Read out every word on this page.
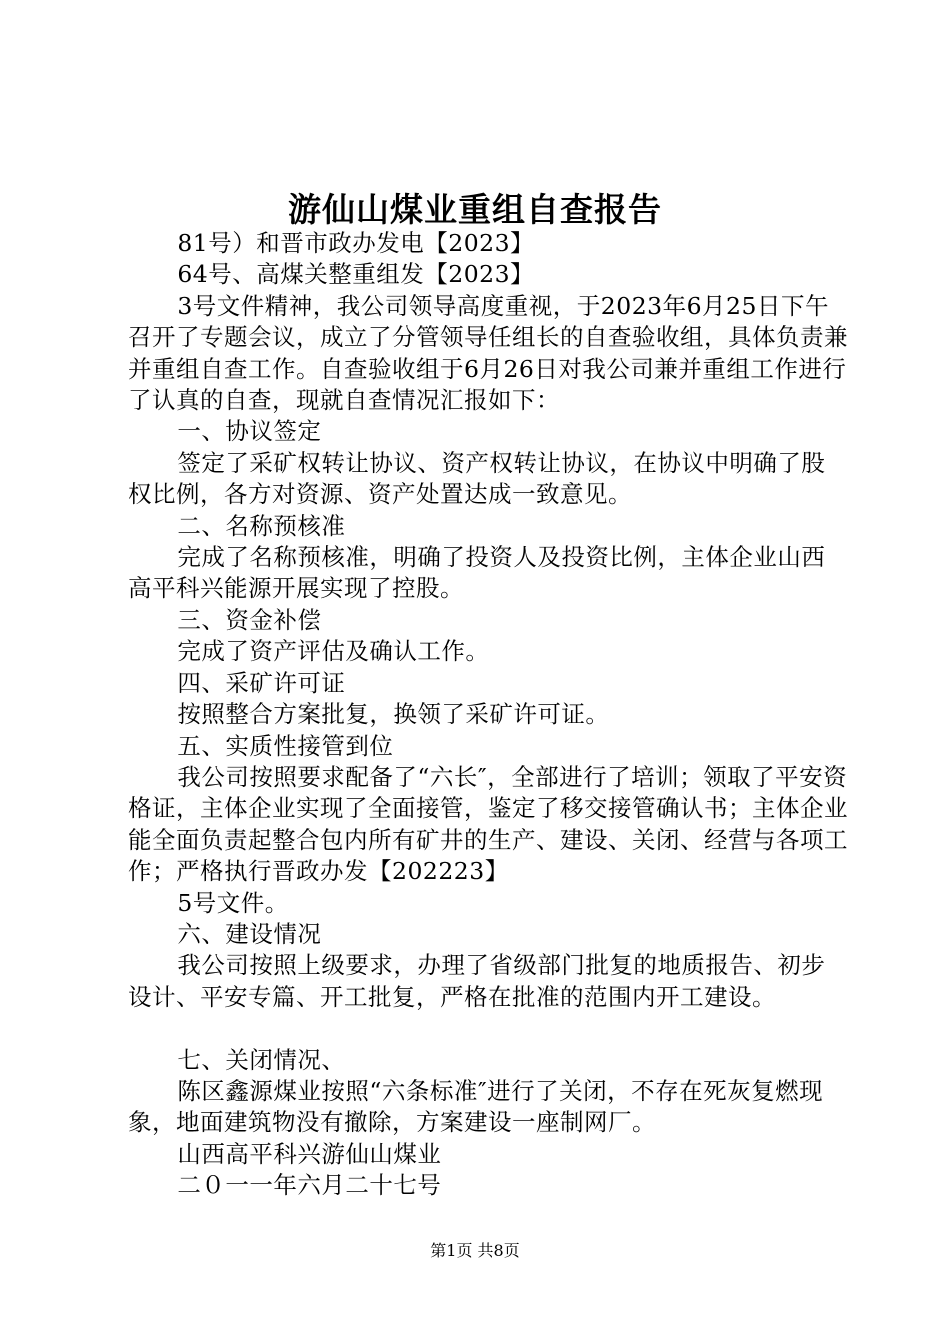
游仙山煤业重组自查报告

81号）和晋市政办发电【2023】

64号、高煤关整重组发【2023】

3号文件精神，我公司领导高度重视，于2023年6月25日下午召开了专题会议，成立了分管领导任组长的自查验收组，具体负责兼并重组自查工作。自查验收组于6月26日对我公司兼并重组工作进行了认真的自查，现就自查情况汇报如下：

一、协议签定

签定了采矿权转让协议、资产权转让协议，在协议中明确了股权比例，各方对资源、资产处置达成一致意见。

二、名称预核准

完成了名称预核准，明确了投资人及投资比例，主体企业山西高平科兴能源开展实现了控股。

三、资金补偿

完成了资产评估及确认工作。

四、采矿许可证

按照整合方案批复，换领了采矿许可证。

五、实质性接管到位

我公司按照要求配备了“六长″，全部进行了培训；领取了平安资格证，主体企业实现了全面接管，鉴定了移交接管确认书；主体企业能全面负责起整合包内所有矿井的生产、建设、关闭、经营与各项工作；严格执行晋政办发【202223】

5号文件。

六、建设情况

我公司按照上级要求，办理了省级部门批复的地质报告、初步设计、平安专篇、开工批复，严格在批准的范围内开工建设。

七、关闭情况、

陈区鑫源煤业按照“六条标准″进行了关闭，不存在死灰复燃现象，地面建筑物没有撤除，方案建设一座制网厂。

山西高平科兴游仙山煤业

二０一一年六月二十七号

第1页 共8页
